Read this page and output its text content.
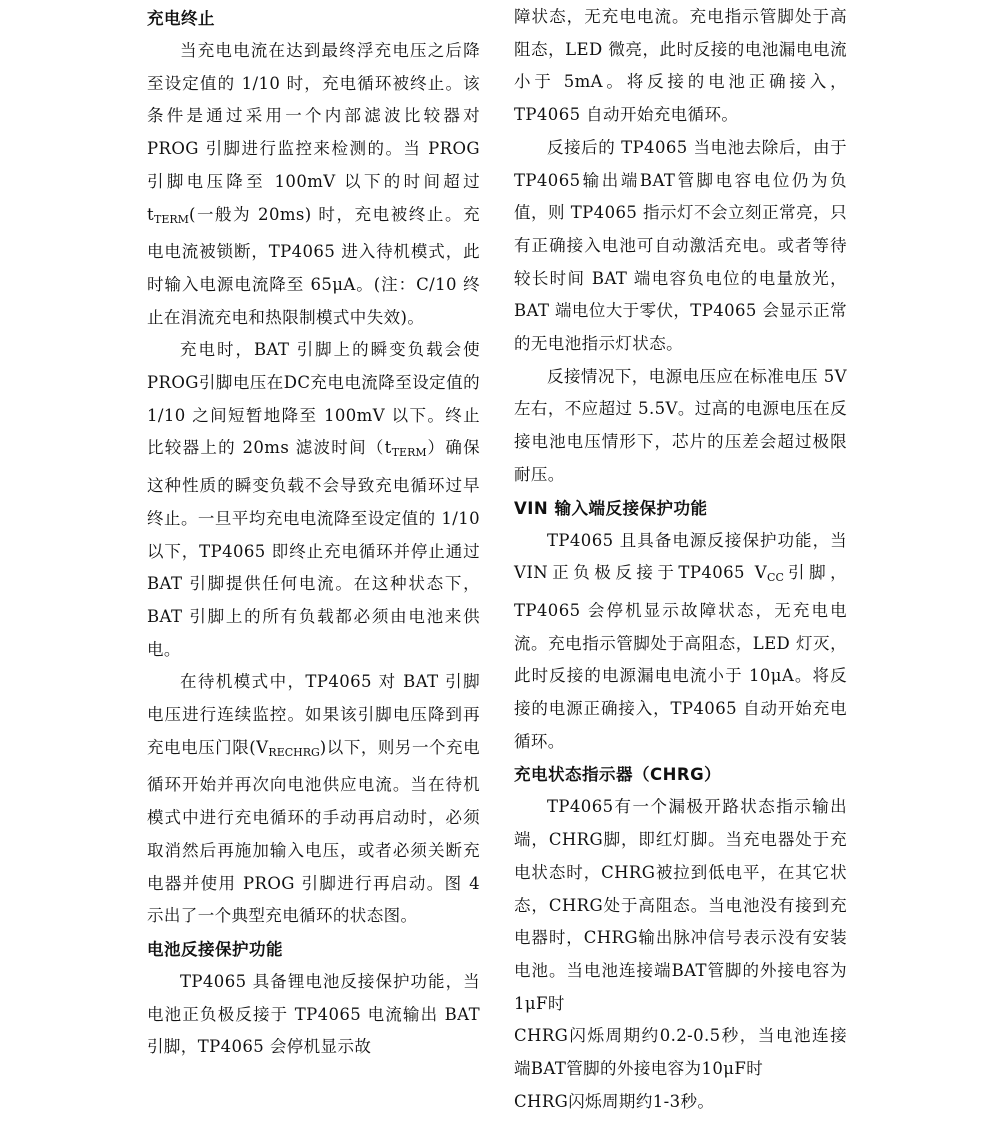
充电终止

当充电电流在达到最终浮充电压之后降至设定值的 1/10 时，充电循环被终止。该条件是通过采用一个内部滤波比较器对 PROG 引脚进行监控来检测的。当 PROG 引脚电压降至 100mV 以下的时间超过 $t_{TERM}$(一般为 20ms) 时，充电被终止。充电电流被锁断，TP4065 进入待机模式，此时输入电源电流降至 65μA。(注：C/10 终止在涓流充电和热限制模式中失效)。

充电时，BAT 引脚上的瞬变负载会使PROG引脚电压在DC充电电流降至设定值的 1/10 之间短暂地降至 100mV 以下。终止比较器上的 20ms 滤波时间$(t_{TERM})$确保这种性质的瞬变负载不会导致充电循环过早终止。一旦平均充电电流降至设定值的 1/10 以下，TP4065 即终止充电循环并停止通过 BAT 引脚提供任何电流。在这种状态下，BAT 引脚上的所有负载都必须由电池来供电。

在待机模式中，TP4065 对 BAT 引脚电压进行连续监控。如果该引脚电压降到再充电电压门限$(V_{RECHRG})$以下，则另一个充电循环开始并再次向电池供应电流。当在待机模式中进行充电循环的手动再启动时，必须取消然后再施加输入电压，或者必须关断充电器并使用 PROG 引脚进行再启动。图 4 示出了一个典型充电循环的状态图。

电池反接保护功能

TP4065 具备锂电池反接保护功能，当电池正负极反接于 TP4065 电流输出 BAT 引脚，TP4065 会停机显示故

障状态，无充电电流。充电指示管脚处于高阻态，LED 微亮，此时反接的电池漏电电流小于 5mA。将反接的电池正确接入，TP4065 自动开始充电循环。

反接后的 TP4065 当电池去除后，由于TP4065输出端BAT管脚电容电位仍为负值，则 TP4065 指示灯不会立刻正常亮，只有正确接入电池可自动激活充电。或者等待较长时间 BAT 端电容负电位的电量放光，BAT 端电位大于零伏，TP4065 会显示正常的无电池指示灯状态。

反接情况下，电源电压应在标准电压 5V 左右，不应超过 5.5V。过高的电源电压在反接电池电压情形下，芯片的压差会超过极限耐压。

VIN 输入端反接保护功能

TP4065 且具备电源反接保护功能，当VIN正负极反接于TP4065 $V_{CC}$引脚，TP4065 会停机显示故障状态，无充电电流。充电指示管脚处于高阻态，LED 灯灭，此时反接的电源漏电电流小于 10μA。将反接的电源正确接入，TP4065 自动开始充电循环。

充电状态指示器（CHRG）

TP4065有一个漏极开路状态指示输出端，CHRG脚，即红灯脚。当充电器处于充电状态时，CHRG被拉到低电平，在其它状态，CHRG处于高阻态。当电池没有接到充电器时，CHRG输出脉冲信号表示没有安装电池。当电池连接端BAT管脚的外接电容为1μF时

CHRG闪烁周期约0.2-0.5秒，当电池连接端BAT管脚的外接电容为10μF时

CHRG闪烁周期约1-3秒。
